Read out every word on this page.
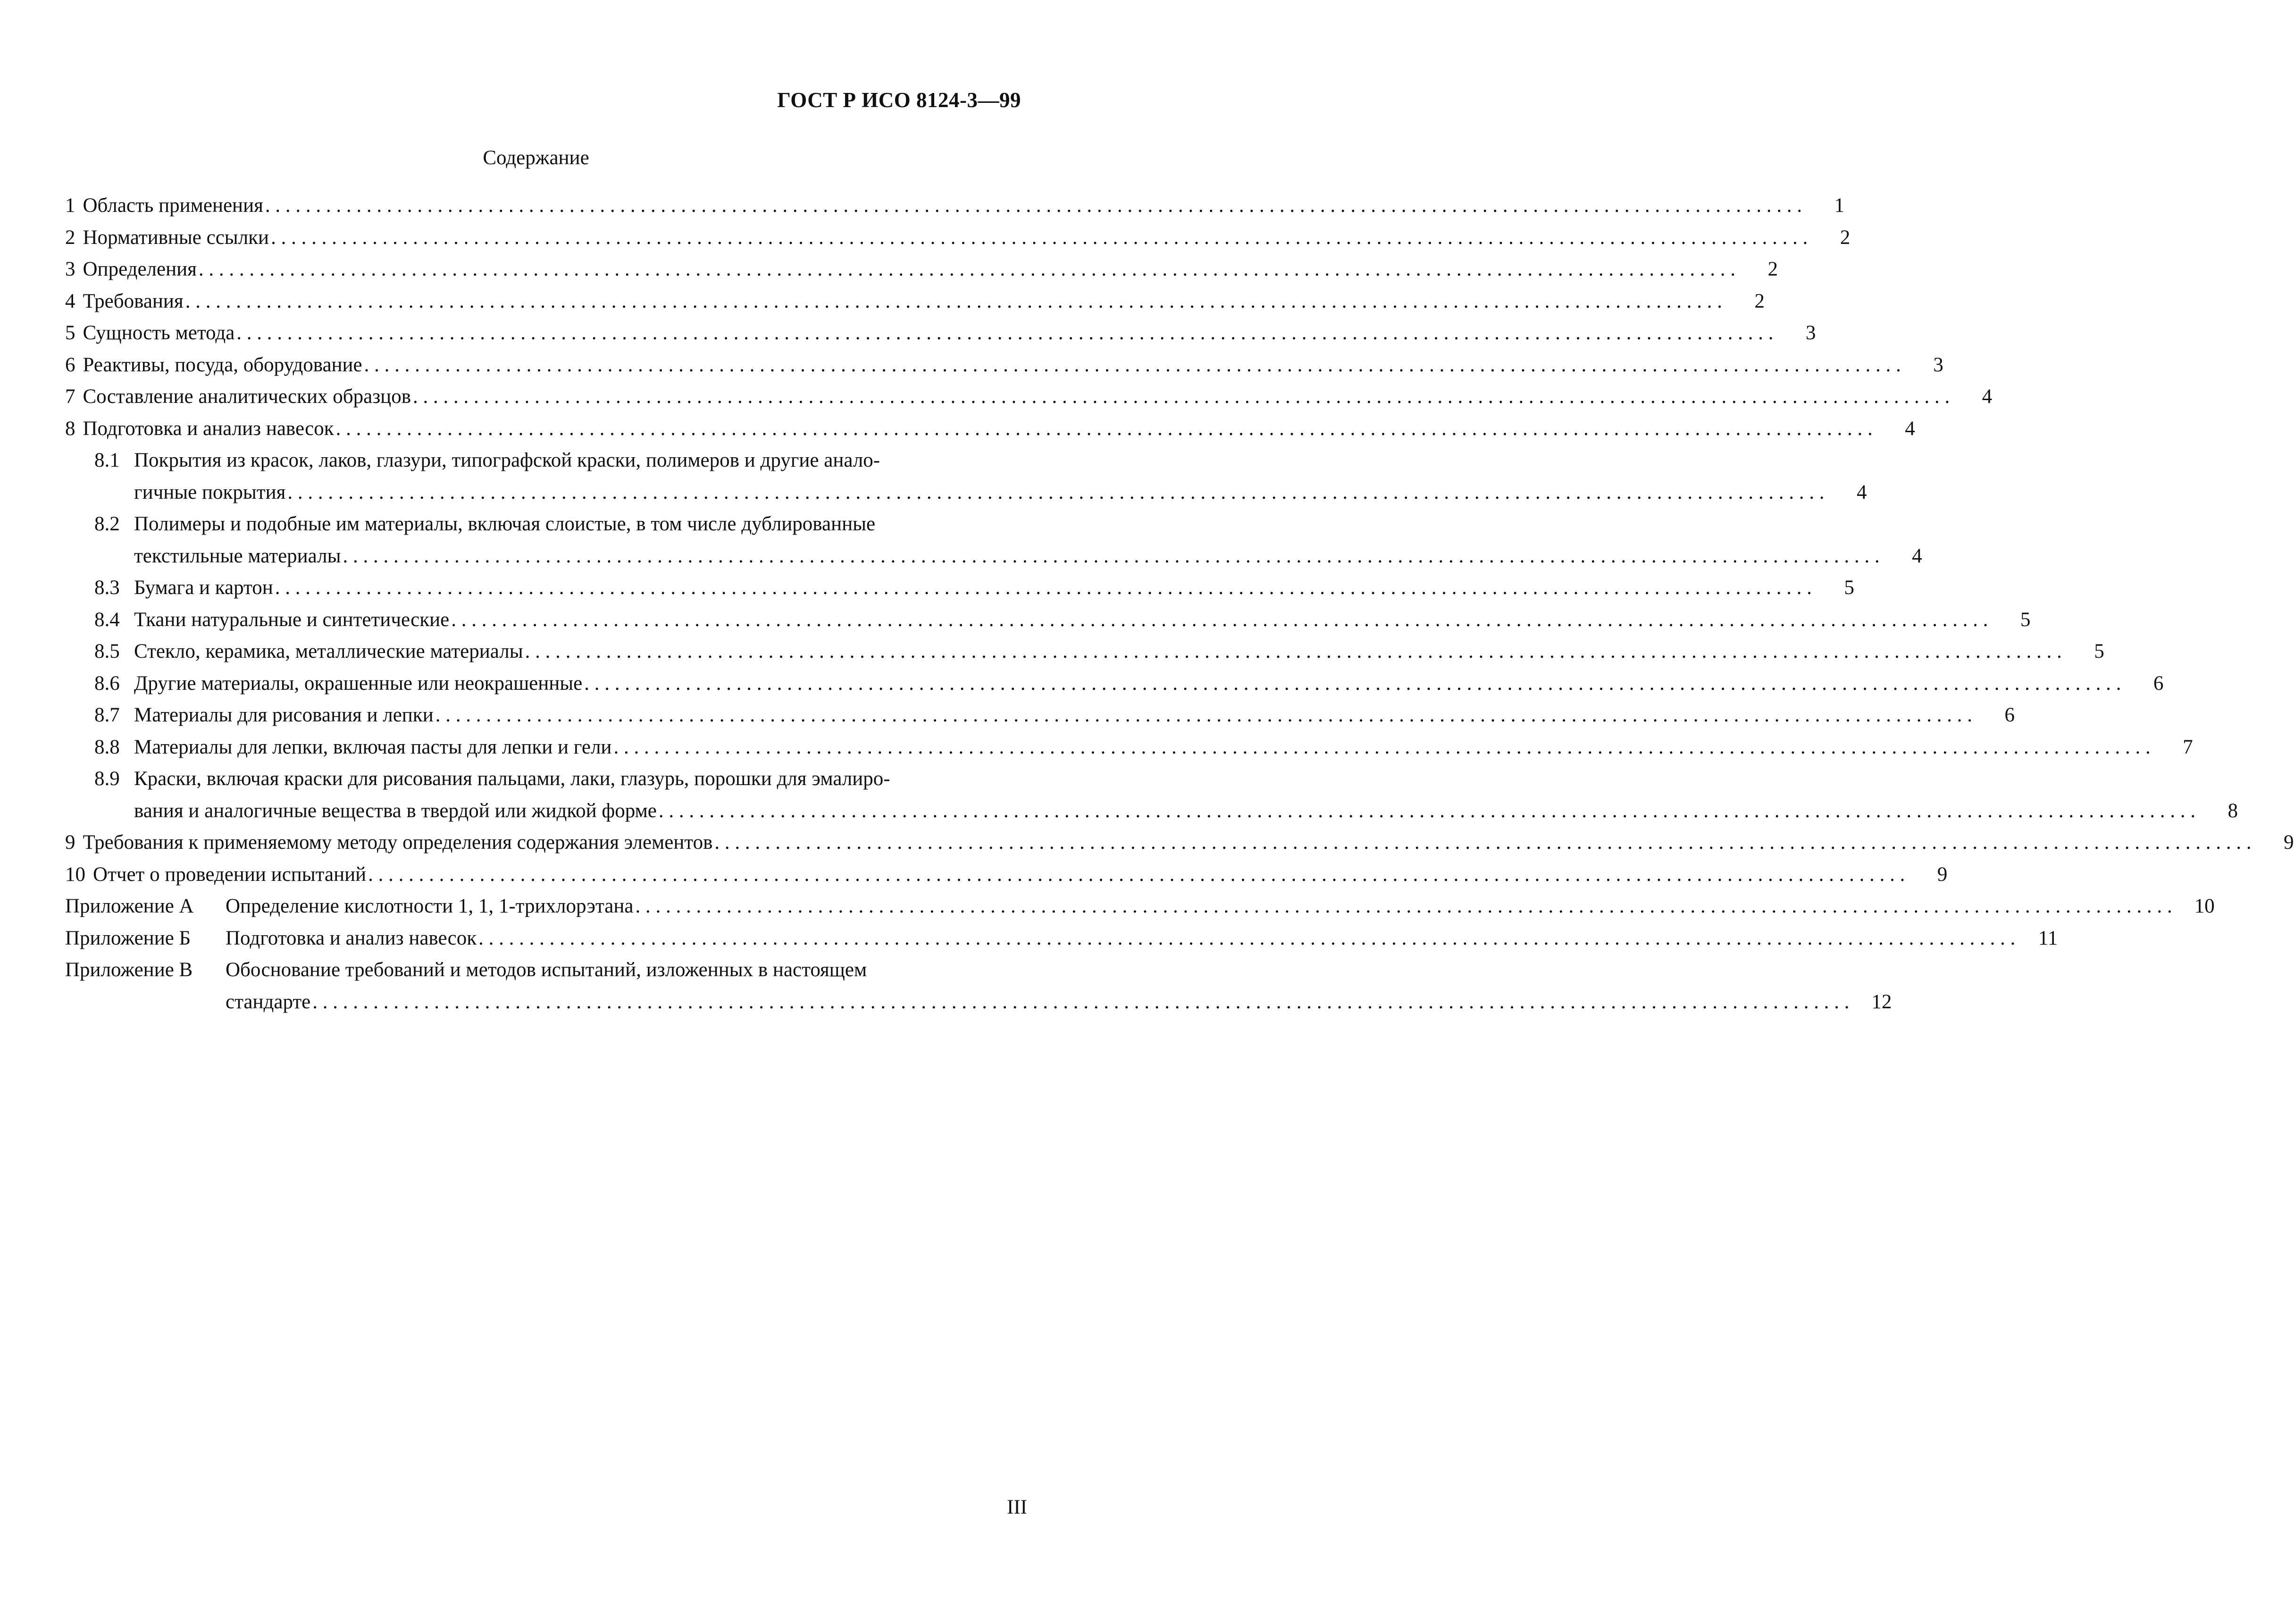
ГОСТ Р ИСО 8124-3—99
Содержание
1 Область применения . . .	1
2 Нормативные ссылки . . .	2
3 Определения . . .	2
4 Требования . . .	2
5 Сущность метода . . .	3
6 Реактивы, посуда, оборудование . . .	3
7 Составление аналитических образцов . . .	4
8 Подготовка и анализ навесок . . .	4
8.1 Покрытия из красок, лаков, глазури, типографской краски, полимеров и другие анало-
гичные покрытия . . .	4
8.2 Полимеры и подобные им материалы, включая слоистые, в том числе дублированные
текстильные материалы . . .	4
8.3 Бумага и картон . . .	5
8.4 Ткани натуральные и синтетические . . .	5
8.5 Стекло, керамика, металлические материалы . . .	5
8.6 Другие материалы, окрашенные или неокрашенные . . .	6
8.7 Материалы для рисования и лепки . . .	6
8.8 Материалы для лепки, включая пасты для лепки и гели . . .	7
8.9 Краски, включая краски для рисования пальцами, лаки, глазурь, порошки для эмалиро-
вания и аналогичные вещества в твердой или жидкой форме . . .	8
9 Требования к применяемому методу определения содержания элементов . . .	9
10 Отчет о проведении испытаний . . .	9
Приложение А	Определение кислотности 1, 1, 1-трихлорэтана . . .	10
Приложение Б	Подготовка и анализ навесок . . .	11
Приложение В	Обоснование требований и методов испытаний, изложенных в настоящем
стандарте . . .	12
III
